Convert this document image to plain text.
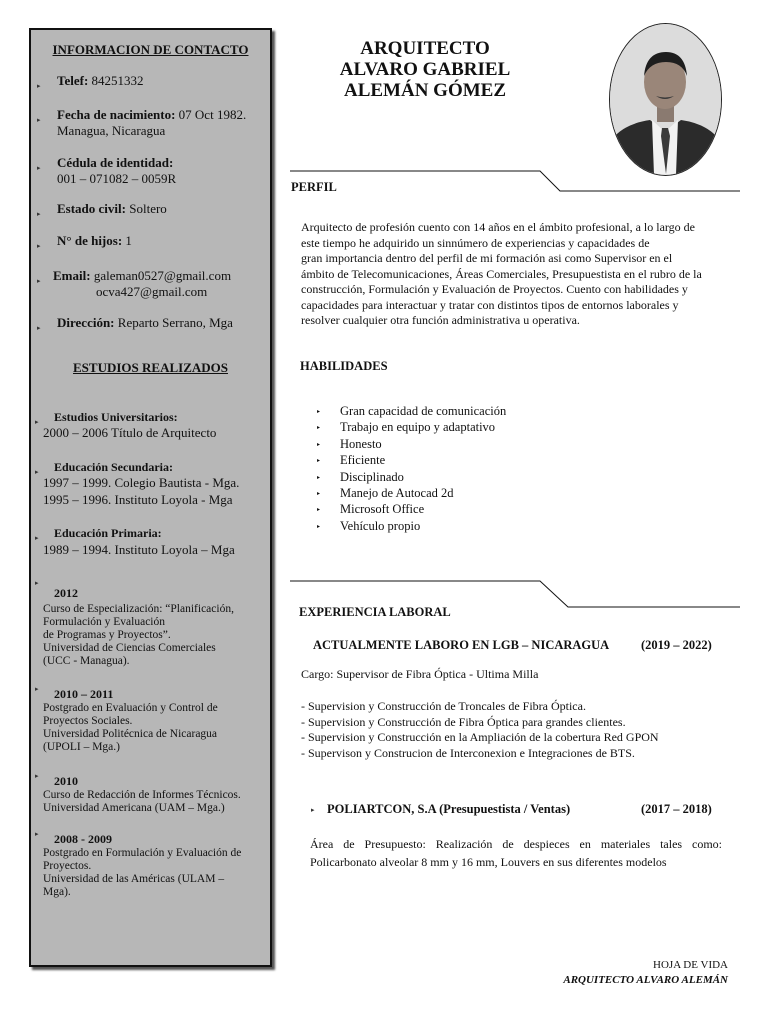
INFORMACION DE CONTACTO
▸ Telef: 84251332
▸ Fecha de nacimiento: 07 Oct 1982.
Managua, Nicaragua
▸ Cédula de identidad:
001 – 071082 – 0059R
▸ Estado civil: Soltero
▸ N° de hijos: 1
▸ Email: galeman0527@gmail.com
ocva427@gmail.com
▸ Dirección: Reparto Serrano, Mga
ESTUDIOS REALIZADOS
▸ Estudios Universitarios:
2000 – 2006 Título de Arquitecto
▸ Educación Secundaria:
1997 – 1999. Colegio Bautista - Mga.
1995 – 1996. Instituto Loyola - Mga
▸ Educación Primaria:
1989 – 1994. Instituto Loyola – Mga
▸
2012
Curso de Especialización: “Planificación,
Formulación y Evaluación
de Programas y Proyectos”.
Universidad de Ciencias Comerciales
(UCC - Managua).
▸ 2010 – 2011
Postgrado en Evaluación y Control de
Proyectos Sociales.
Universidad Politécnica de Nicaragua
(UPOLI – Mga.)
▸ 2010
Curso de Redacción de Informes Técnicos.
Universidad Americana (UAM – Mga.)
▸ 2008 - 2009
Postgrado en Formulación y Evaluación de
Proyectos.
Universidad de las Américas (ULAM –
Mga).
ARQUITECTO
ALVARO GABRIEL
ALEMÁN GÓMEZ
PERFIL
Arquitecto de profesión cuento con 14 años en el ámbito profesional, a lo largo de
este tiempo he adquirido un sinnúmero de experiencias y capacidades de
gran importancia dentro del perfil de mi formación asi como Supervisor en el
ámbito de Telecomunicaciones, Áreas Comerciales, Presupuestista en el rubro de la
construcción, Formulación y Evaluación de Proyectos. Cuento con habilidades y
capacidades para interactuar y tratar con distintos tipos de entornos laborales y
resolver cualquier otra función administrativa u operativa.
HABILIDADES
▸ Gran capacidad de comunicación
▸ Trabajo en equipo y adaptativo
▸ Honesto
▸ Eficiente
▸ Disciplinado
▸ Manejo de Autocad 2d
▸ Microsoft Office
▸ Vehículo propio
EXPERIENCIA LABORAL
ACTUALMENTE LABORO EN LGB – NICARAGUA	(2019 – 2022)
Cargo: Supervisor de Fibra Óptica - Ultima Milla
- Supervision y Construcción de Troncales de Fibra Óptica.
- Supervision y Construcción de Fibra Óptica para grandes clientes.
- Supervision y Construcción en la Ampliación de la cobertura Red GPON
- Supervison y Construcion de Interconexion e Integraciones de BTS.
▸ POLIARTCON, S.A (Presupuestista / Ventas)	(2017 – 2018)
Área de Presupuesto: Realización de despieces en materiales tales como:
Policarbonato alveolar 8 mm y 16 mm, Louvers en sus diferentes modelos
HOJA DE VIDA
ARQUITECTO ALVARO ALEMÁN
